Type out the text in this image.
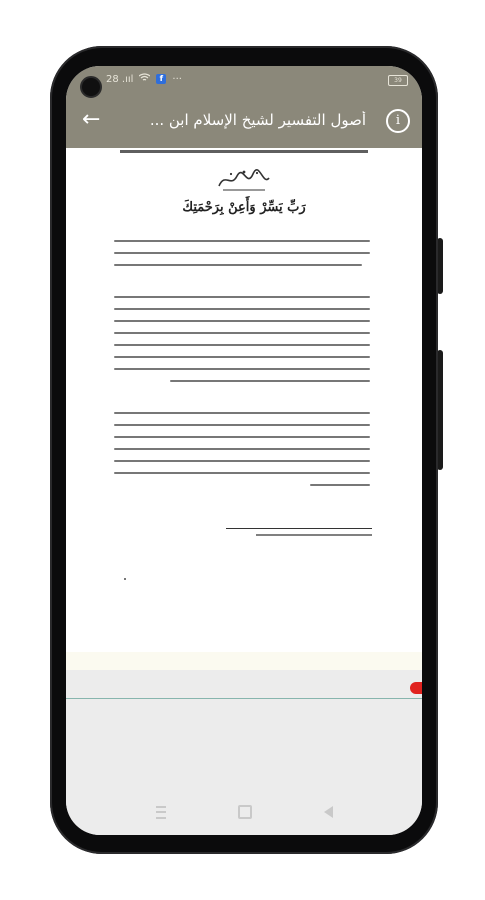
28 .ııl	f ···	39
←	أصول التفسير لشيخ الإسلام ابن ...	i
رَبِّ يَسِّرْ وَأَعِنْ بِرَحْمَتِكَ
